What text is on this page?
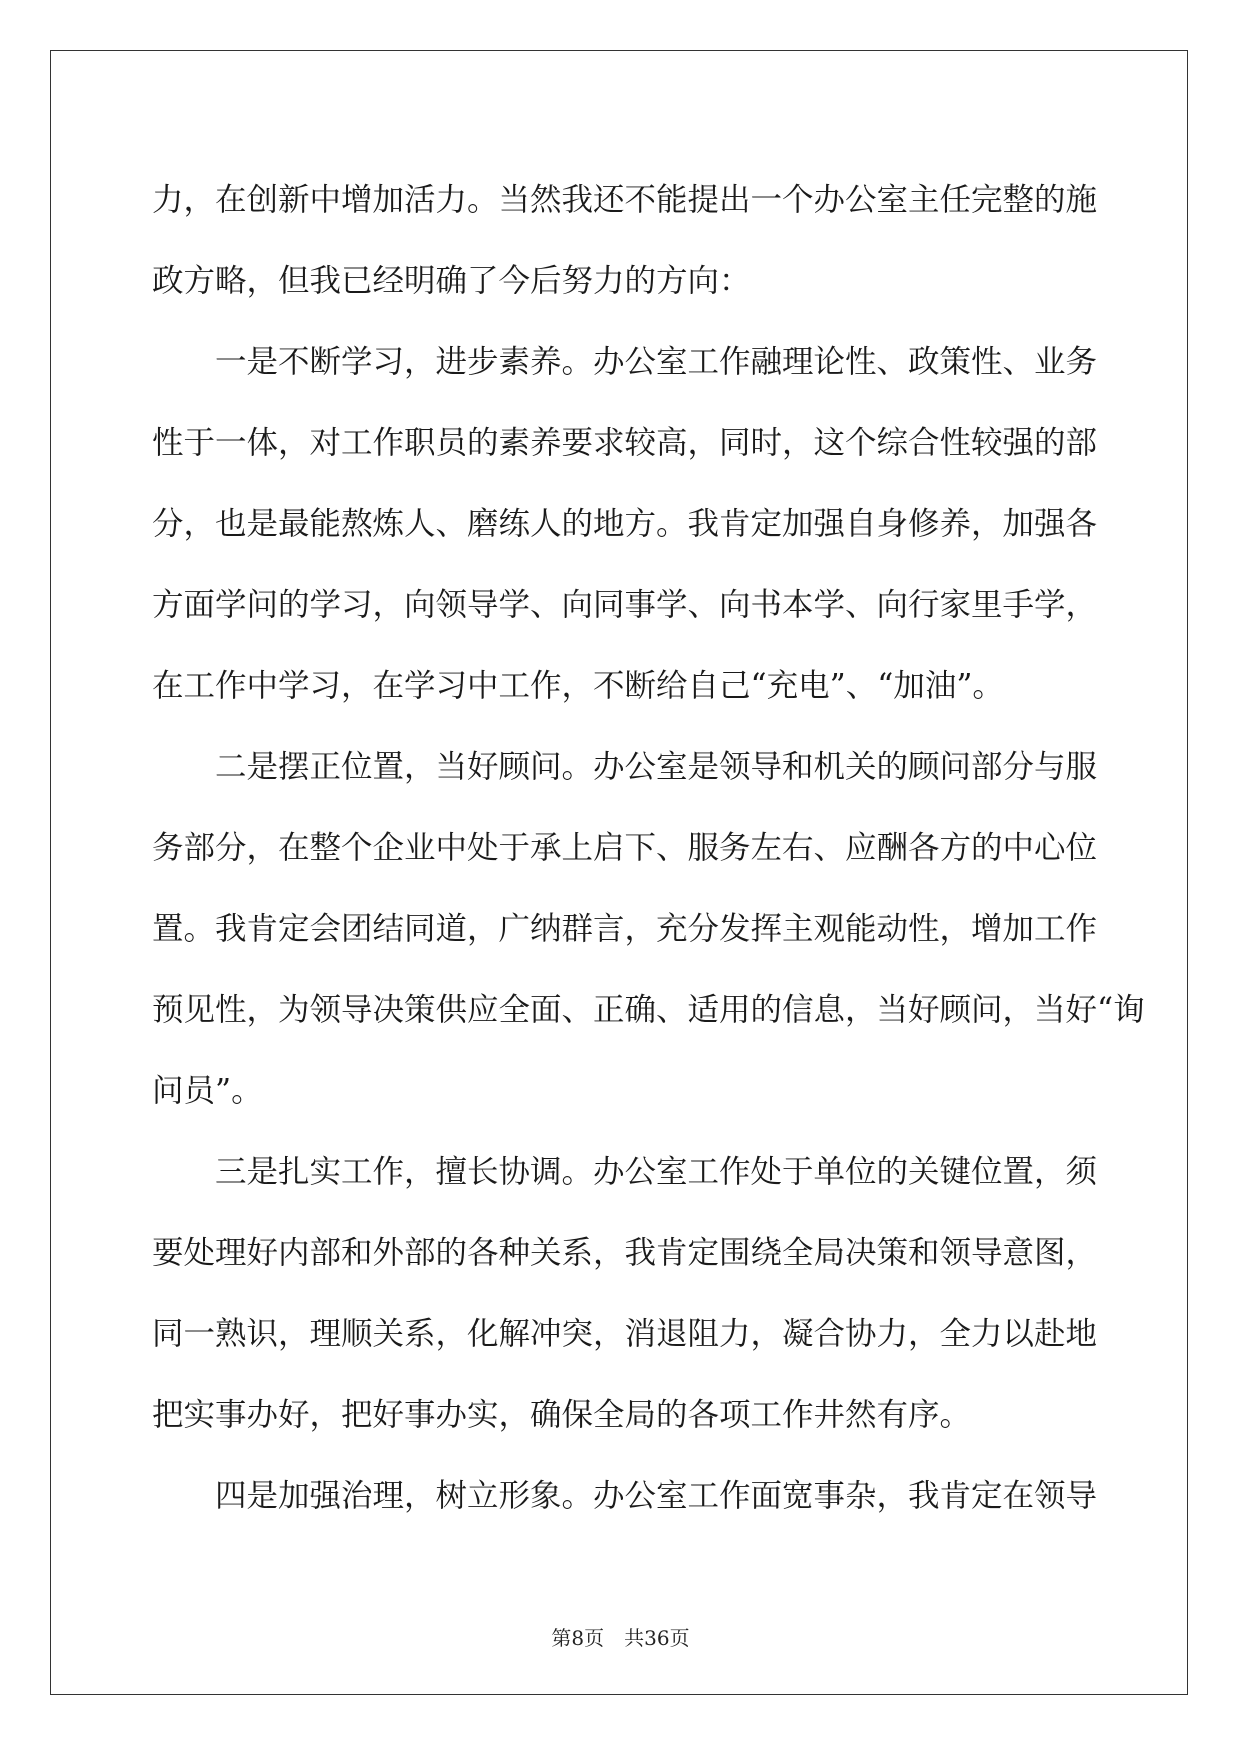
力，在创新中增加活力。当然我还不能提出一个办公室主任完整的施
政方略，但我已经明确了今后努力的方向：
一是不断学习，进步素养。办公室工作融理论性、政策性、业务
性于一体，对工作职员的素养要求较高，同时，这个综合性较强的部
分，也是最能熬炼人、磨练人的地方。我肯定加强自身修养，加强各
方面学问的学习，向领导学、向同事学、向书本学、向行家里手学，
在工作中学习，在学习中工作，不断给自己“充电”、“加油”。
二是摆正位置，当好顾问。办公室是领导和机关的顾问部分与服
务部分，在整个企业中处于承上启下、服务左右、应酬各方的中心位
置。我肯定会团结同道，广纳群言，充分发挥主观能动性，增加工作
预见性，为领导决策供应全面、正确、适用的信息，当好顾问，当好“询
问员”。
三是扎实工作，擅长协调。办公室工作处于单位的关键位置，须
要处理好内部和外部的各种关系，我肯定围绕全局决策和领导意图，
同一熟识，理顺关系，化解冲突，消退阻力，凝合协力，全力以赴地
把实事办好，把好事办实，确保全局的各项工作井然有序。
四是加强治理，树立形象。办公室工作面宽事杂，我肯定在领导
第8页 共36页
